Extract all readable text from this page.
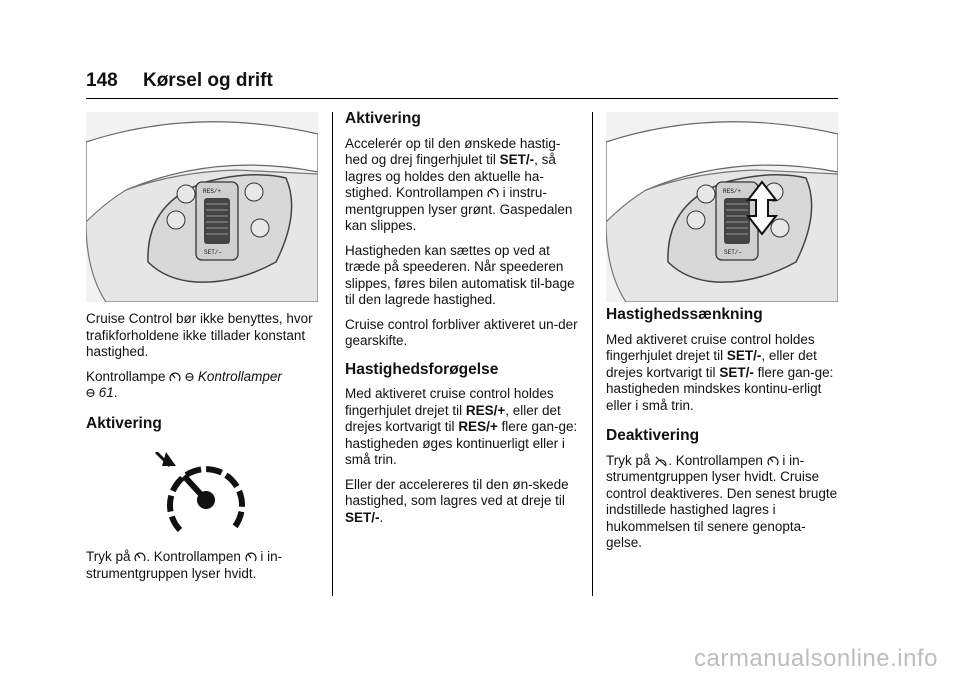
148 Kørsel og drift
RES/+
SET/–

Cruise Control bør ikke benyttes, hvor trafikforholdene ikke tillader konstant hastighed.

Kontrollampe Kontrollamper
61.

Aktivering

Tryk på . Kontrollampen i in-strumentgruppen lyser hvidt.

Aktivering

Accelerér op til den ønskede hastig-hed og drej fingerhjulet til SET/-, så lagres og holdes den aktuelle ha-stighed. Kontrollampen i instru-mentgruppen lyser grønt. Gaspedalen kan slippes.

Hastigheden kan sættes op ved at træde på speederen. Når speederen slippes, føres bilen automatisk til-bage til den lagrede hastighed.

Cruise control forbliver aktiveret un-der gearskifte.

Hastighedsforøgelse

Med aktiveret cruise control holdes fingerhjulet drejet til RES/+, eller det drejes kortvarigt til RES/+ flere gan-ge: hastigheden øges kontinuerligt eller i små trin.

Eller der accelereres til den øn-skede hastighed, som lagres ved at dreje til SET/-.

RES/+
SET/–
Hastighedssænkning

Med aktiveret cruise control holdes fingerhjulet drejet til SET/-, eller det drejes kortvarigt til SET/- flere gan-ge: hastigheden mindskes kontinu-erligt eller i små trin.

Deaktivering

Tryk på . Kontrollampen i in-strumentgruppen lyser hvidt. Cruise control deaktiveres. Den senest brugte indstillede hastighed lagres i hukommelsen til senere genopta-gelse.

carmanualsonline.info
